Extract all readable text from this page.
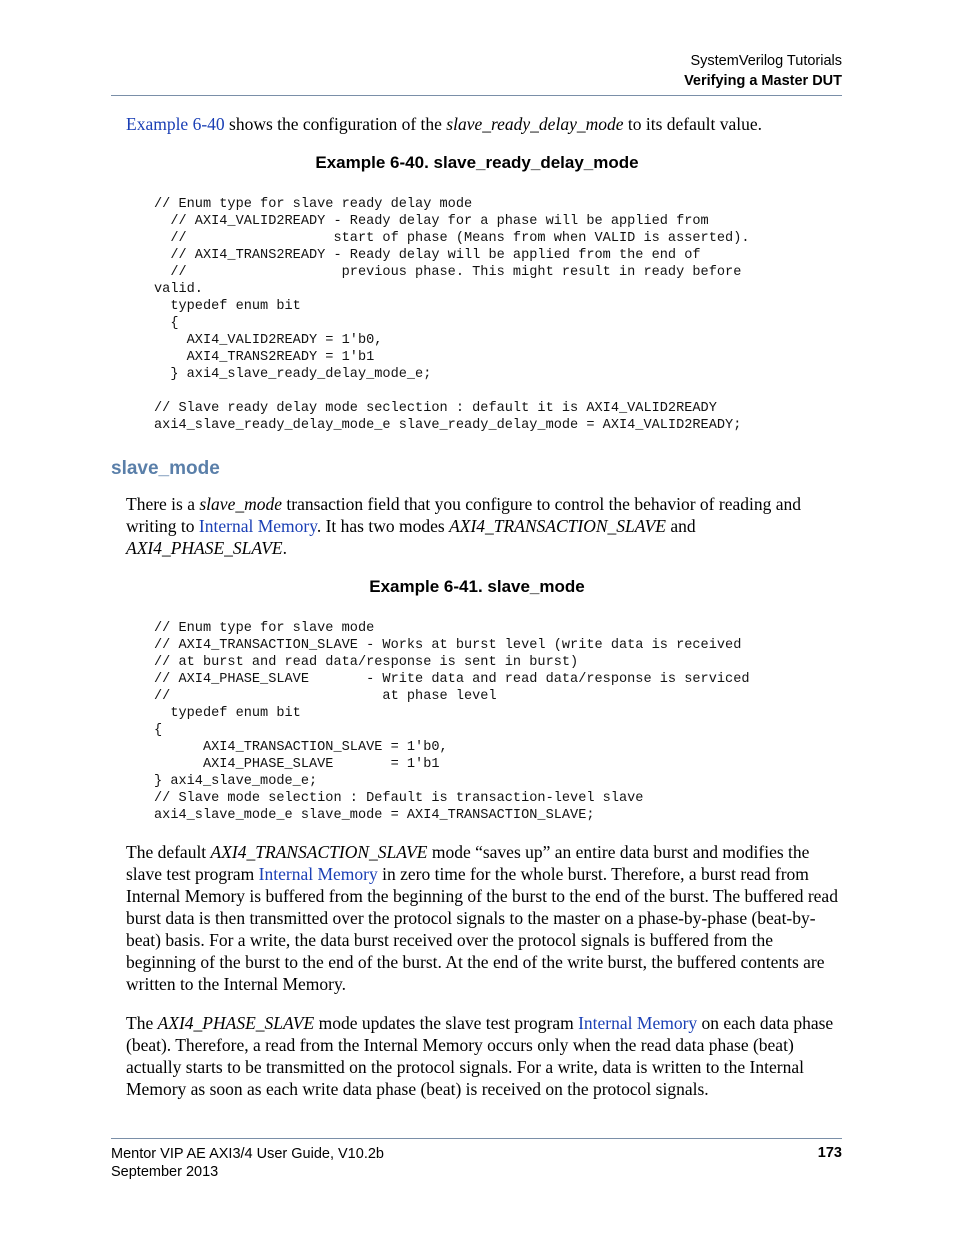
SystemVerilog Tutorials
Verifying a Master DUT
Example 6-40 shows the configuration of the slave_ready_delay_mode to its default value.
Example 6-40. slave_ready_delay_mode
// Enum type for slave ready delay mode
// AXI4_VALID2READY - Ready delay for a phase will be applied from
//                  start of phase (Means from when VALID is asserted).
// AXI4_TRANS2READY - Ready delay will be applied from the end of
//                   previous phase. This might result in ready before
valid.
typedef enum bit
{
AXI4_VALID2READY = 1'b0,
AXI4_TRANS2READY = 1'b1
} axi4_slave_ready_delay_mode_e;

// Slave ready delay mode seclection : default it is AXI4_VALID2READY
axi4_slave_ready_delay_mode_e slave_ready_delay_mode = AXI4_VALID2READY;
slave_mode
There is a slave_mode transaction field that you configure to control the behavior of reading and writing to Internal Memory. It has two modes AXI4_TRANSACTION_SLAVE and AXI4_PHASE_SLAVE.
Example 6-41. slave_mode
// Enum type for slave mode
// AXI4_TRANSACTION_SLAVE - Works at burst level (write data is received
// at burst and read data/response is sent in burst)
// AXI4_PHASE_SLAVE       - Write data and read data/response is serviced
//                          at phase level
typedef enum bit
{
AXI4_TRANSACTION_SLAVE = 1'b0,
AXI4_PHASE_SLAVE       = 1'b1
} axi4_slave_mode_e;
// Slave mode selection : Default is transaction-level slave
axi4_slave_mode_e slave_mode = AXI4_TRANSACTION_SLAVE;
The default AXI4_TRANSACTION_SLAVE mode “saves up” an entire data burst and modifies the slave test program Internal Memory in zero time for the whole burst. Therefore, a burst read from Internal Memory is buffered from the beginning of the burst to the end of the burst. The buffered read burst data is then transmitted over the protocol signals to the master on a phase-by-phase (beat-by-beat) basis. For a write, the data burst received over the protocol signals is buffered from the beginning of the burst to the end of the burst. At the end of the write burst, the buffered contents are written to the Internal Memory.
The AXI4_PHASE_SLAVE mode updates the slave test program Internal Memory on each data phase (beat). Therefore, a read from the Internal Memory occurs only when the read data phase (beat) actually starts to be transmitted on the protocol signals. For a write, data is written to the Internal Memory as soon as each write data phase (beat) is received on the protocol signals.
Mentor VIP AE AXI3/4 User Guide, V10.2b
September 2013
173
